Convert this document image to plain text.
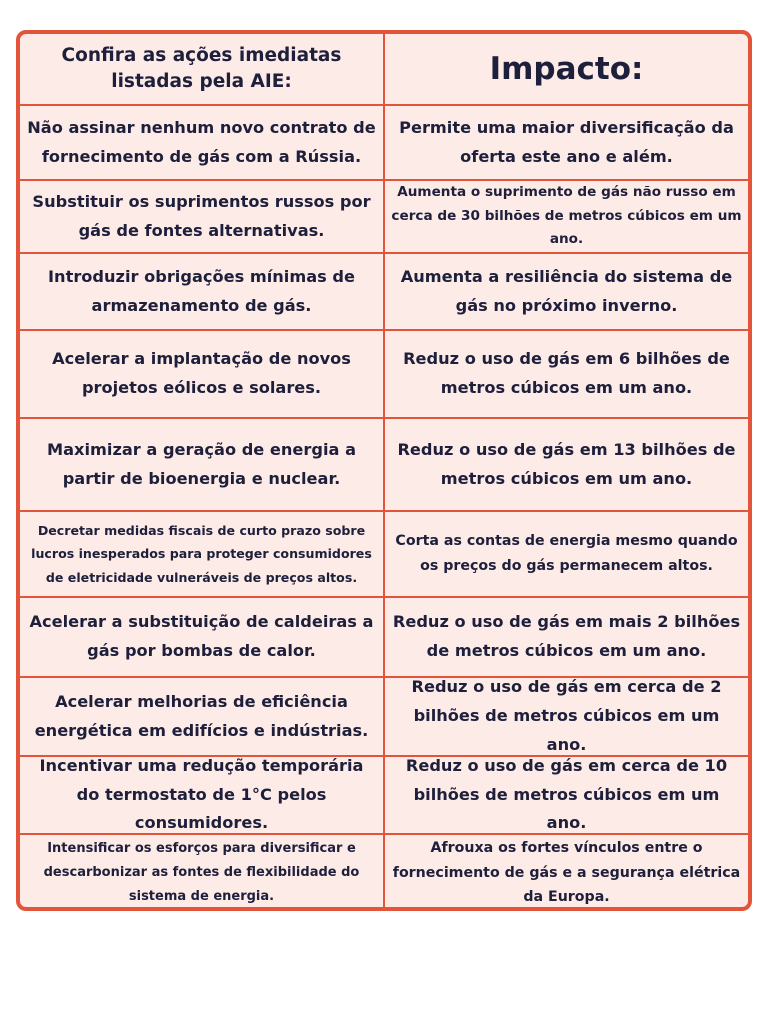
Confira as ações imediatas listadas pela AIE:	Impacto:
Não assinar nenhum novo contrato de fornecimento de gás com a Rússia.
Permite uma maior diversificação da oferta este ano e além.
Substituir os suprimentos russos por gás de fontes alternativas.
Aumenta o suprimento de gás não russo em cerca de 30 bilhões de metros cúbicos em um ano.
Introduzir obrigações mínimas de armazenamento de gás.
Aumenta a resiliência do sistema de gás no próximo inverno.
Acelerar a implantação de novos projetos eólicos e solares.
Reduz o uso de gás em 6 bilhões de metros cúbicos em um ano.
Maximizar a geração de energia a partir de bioenergia e nuclear.
Reduz o uso de gás em 13 bilhões de metros cúbicos em um ano.
Decretar medidas fiscais de curto prazo sobre lucros inesperados para proteger consumidores de eletricidade vulneráveis de preços altos.
Corta as contas de energia mesmo quando os preços do gás permanecem altos.
Acelerar a substituição de caldeiras a gás por bombas de calor.
Reduz o uso de gás em mais 2 bilhões de metros cúbicos em um ano.
Acelerar melhorias de eficiência energética em edifícios e indústrias.
Reduz o uso de gás em cerca de 2 bilhões de metros cúbicos em um ano.
Incentivar uma redução temporária do termostato de 1°C pelos consumidores.
Reduz o uso de gás em cerca de 10 bilhões de metros cúbicos em um ano.
Intensificar os esforços para diversificar e descarbonizar as fontes de flexibilidade do sistema de energia.
Afrouxa os fortes vínculos entre o fornecimento de gás e a segurança elétrica da Europa.
